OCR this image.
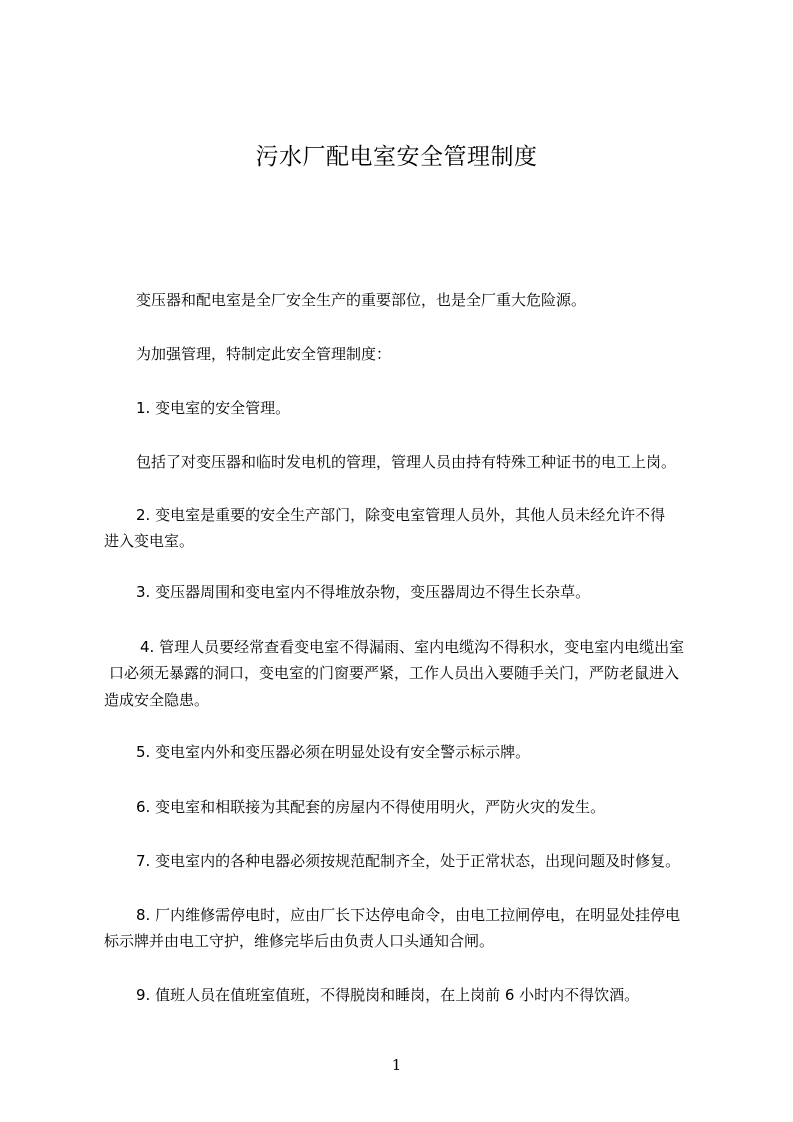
污水厂配电室安全管理制度
变压器和配电室是全厂安全生产的重要部位，也是全厂重大危险源。
为加强管理，特制定此安全管理制度：
1. 变电室的安全管理。
包括了对变压器和临时发电机的管理，管理人员由持有特殊工种证书的电工上岗。
2. 变电室是重要的安全生产部门，除变电室管理人员外，其他人员未经允许不得
进入变电室。
3. 变压器周围和变电室内不得堆放杂物，变压器周边不得生长杂草。
4. 管理人员要经常查看变电室不得漏雨、室内电缆沟不得积水，变电室内电缆出室
口必须无暴露的洞口，变电室的门窗要严紧，工作人员出入要随手关门，严防老鼠进入
造成安全隐患。
5. 变电室内外和变压器必须在明显处设有安全警示标示牌。
6. 变电室和相联接为其配套的房屋内不得使用明火，严防火灾的发生。
7. 变电室内的各种电器必须按规范配制齐全，处于正常状态，出现问题及时修复。
8. 厂内维修需停电时，应由厂长下达停电命令，由电工拉闸停电，在明显处挂停电
标示牌并由电工守护，维修完毕后由负责人口头通知合闸。
9. 值班人员在值班室值班，不得脱岗和睡岗，在上岗前 6 小时内不得饮酒。
1
